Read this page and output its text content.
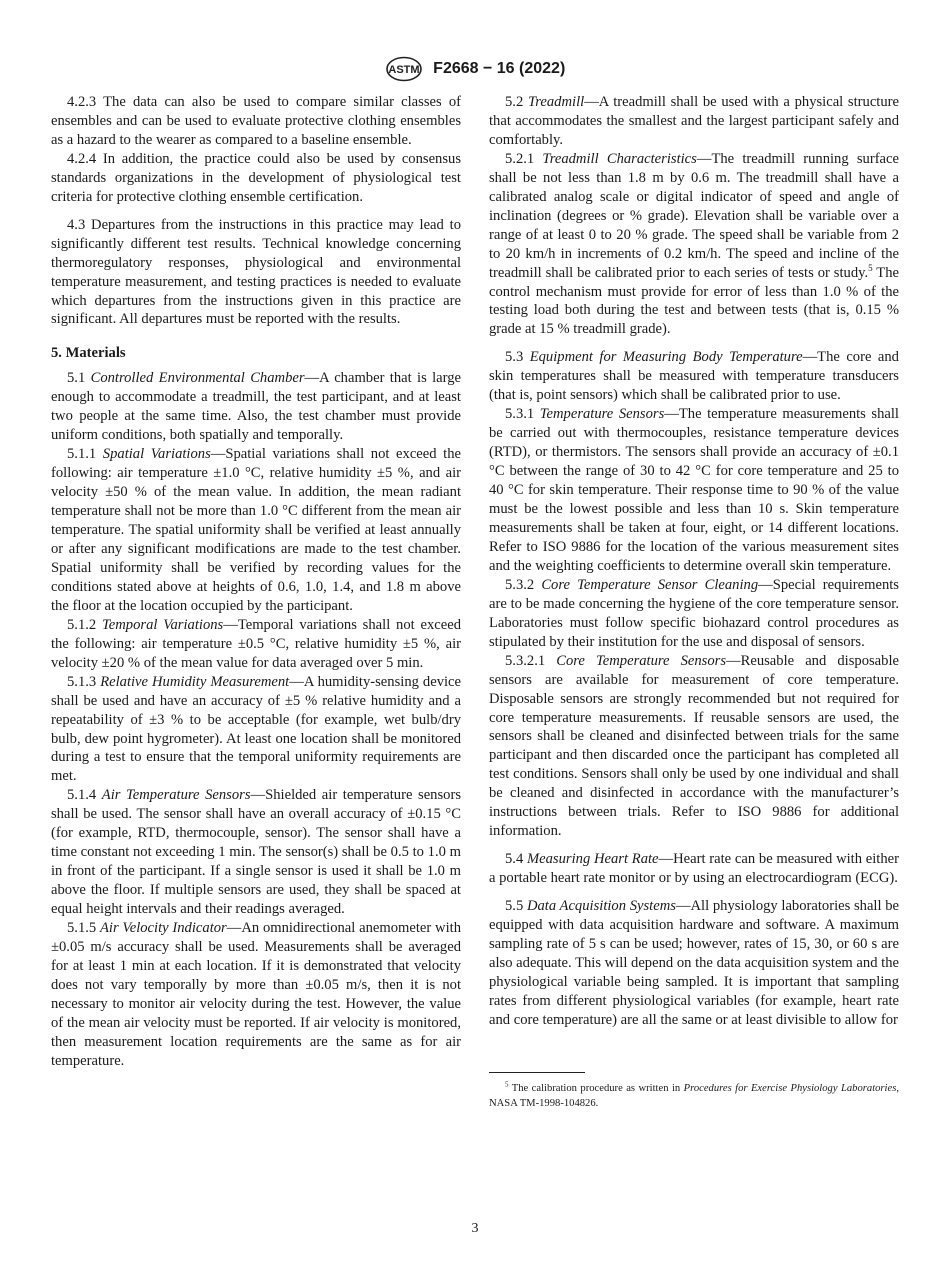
ASTM F2668 − 16 (2022)

4.2.3 The data can also be used to compare similar classes of ensembles and can be used to evaluate protective clothing ensembles as a hazard to the wearer as compared to a baseline ensemble.

4.2.4 In addition, the practice could also be used by consensus standards organizations in the development of physiological test criteria for protective clothing ensemble certification.

4.3 Departures from the instructions in this practice may lead to significantly different test results. Technical knowledge concerning thermoregulatory responses, physiological and environmental temperature measurement, and testing practices is needed to evaluate which departures from the instructions given in this practice are significant. All departures must be reported with the results.

5. Materials

5.1 Controlled Environmental Chamber—A chamber that is large enough to accommodate a treadmill, the test participant, and at least two people at the same time. Also, the test chamber must provide uniform conditions, both spatially and temporally.

5.1.1 Spatial Variations—Spatial variations shall not exceed the following: air temperature ±1.0 °C, relative humidity ±5 %, and air velocity ±50 % of the mean value. In addition, the mean radiant temperature shall not be more than 1.0 °C different from the mean air temperature. The spatial uniformity shall be verified at least annually or after any significant modifications are made to the test chamber. Spatial uniformity shall be verified by recording values for the conditions stated above at heights of 0.6, 1.0, 1.4, and 1.8 m above the floor at the location occupied by the participant.

5.1.2 Temporal Variations—Temporal variations shall not exceed the following: air temperature ±0.5 °C, relative humidity ±5 %, air velocity ±20 % of the mean value for data averaged over 5 min.

5.1.3 Relative Humidity Measurement—A humidity-sensing device shall be used and have an accuracy of ±5 % relative humidity and a repeatability of ±3 % to be acceptable (for example, wet bulb/dry bulb, dew point hygrometer). At least one location shall be monitored during a test to ensure that the temporal uniformity requirements are met.

5.1.4 Air Temperature Sensors—Shielded air temperature sensors shall be used. The sensor shall have an overall accuracy of ±0.15 °C (for example, RTD, thermocouple, sensor). The sensor shall have a time constant not exceeding 1 min. The sensor(s) shall be 0.5 to 1.0 m in front of the participant. If a single sensor is used it shall be 1.0 m above the floor. If multiple sensors are used, they shall be spaced at equal height intervals and their readings averaged.

5.1.5 Air Velocity Indicator—An omnidirectional anemometer with ±0.05 m/s accuracy shall be used. Measurements shall be averaged for at least 1 min at each location. If it is demonstrated that velocity does not vary temporally by more than ±0.05 m/s, then it is not necessary to monitor air velocity during the test. However, the value of the mean air velocity must be reported. If air velocity is monitored, then measurement location requirements are the same as for air temperature.

5.2 Treadmill—A treadmill shall be used with a physical structure that accommodates the smallest and the largest participant safely and comfortably.

5.2.1 Treadmill Characteristics—The treadmill running surface shall be not less than 1.8 m by 0.6 m. The treadmill shall have a calibrated analog scale or digital indicator of speed and angle of inclination (degrees or % grade). Elevation shall be variable over a range of at least 0 to 20 % grade. The speed shall be variable from 2 to 20 km/h in increments of 0.2 km/h. The speed and incline of the treadmill shall be calibrated prior to each series of tests or study.$^5$ The control mechanism must provide for error of less than 1.0 % of the testing load both during the test and between tests (that is, 0.15 % grade at 15 % treadmill grade).

5.3 Equipment for Measuring Body Temperature—The core and skin temperatures shall be measured with temperature transducers (that is, point sensors) which shall be calibrated prior to use.

5.3.1 Temperature Sensors—The temperature measurements shall be carried out with thermocouples, resistance temperature devices (RTD), or thermistors. The sensors shall provide an accuracy of ±0.1 °C between the range of 30 to 42 °C for core temperature and 25 to 40 °C for skin temperature. Their response time to 90 % of the value must be the lowest possible and less than 10 s. Skin temperature measurements shall be taken at four, eight, or 14 different locations. Refer to ISO 9886 for the location of the various measurement sites and the weighting coefficients to determine overall skin temperature.

5.3.2 Core Temperature Sensor Cleaning—Special requirements are to be made concerning the hygiene of the core temperature sensor. Laboratories must follow specific biohazard control procedures as stipulated by their institution for the use and disposal of sensors.

5.3.2.1 Core Temperature Sensors—Reusable and disposable sensors are available for measurement of core temperature. Disposable sensors are strongly recommended but not required for core temperature measurements. If reusable sensors are used, the sensors shall be cleaned and disinfected between trials for the same participant and then discarded once the participant has completed all test conditions. Sensors shall only be used by one individual and shall be cleaned and disinfected in accordance with the manufacturer’s instructions between trials. Refer to ISO 9886 for additional information.

5.4 Measuring Heart Rate—Heart rate can be measured with either a portable heart rate monitor or by using an electrocardiogram (ECG).

5.5 Data Acquisition Systems—All physiology laboratories shall be equipped with data acquisition hardware and software. A maximum sampling rate of 5 s can be used; however, rates of 15, 30, or 60 s are also adequate. This will depend on the data acquisition system and the physiological variable being sampled. It is important that sampling rates from different physiological variables (for example, heart rate and core temperature) are all the same or at least divisible to allow for

$^5$ The calibration procedure as written in Procedures for Exercise Physiology Laboratories, NASA TM-1998-104826.

3
